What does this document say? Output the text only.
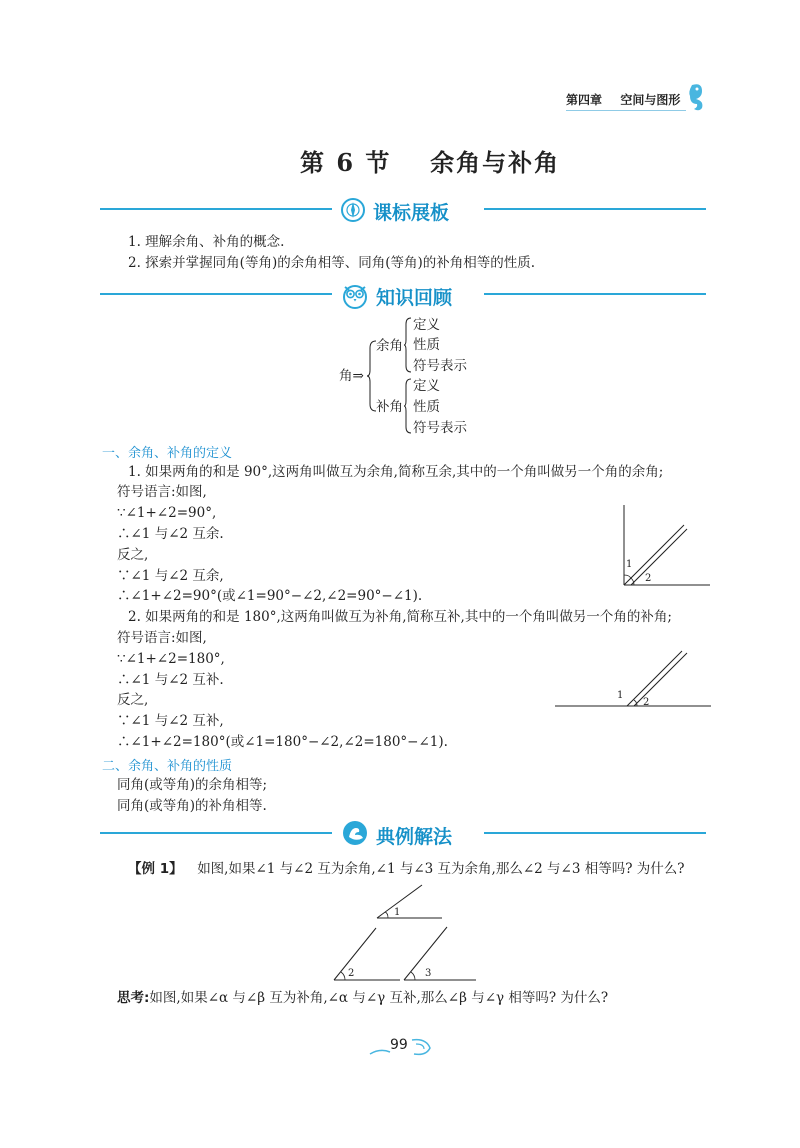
第四章 空间与图形
第 6 节 余角与补角
课标展板
1. 理解余角、补角的概念.
2. 探索并掌握同角(等角)的余角相等、同角(等角)的补角相等的性质.
知识回顾
角⇒
余角
补角
定义
性质
符号表示
定义
性质
符号表示
一、余角、补角的定义
1. 如果两角的和是 90°,这两角叫做互为余角,简称互余,其中的一个角叫做另一个角的余角;
符号语言:如图,
∵∠1+∠2=90°,
∴∠1 与∠2 互余.
反之,
∵∠1 与∠2 互余,
∴∠1+∠2=90°(或∠1=90°−∠2,∠2=90°−∠1).
1
2
2. 如果两角的和是 180°,这两角叫做互为补角,简称互补,其中的一个角叫做另一个角的补角;
符号语言:如图,
∵∠1+∠2=180°,
∴∠1 与∠2 互补.
反之,
∵∠1 与∠2 互补,
∴∠1+∠2=180°(或∠1=180°−∠2,∠2=180°−∠1).
1
2
二、余角、补角的性质
同角(或等角)的余角相等;
同角(或等角)的补角相等.
典例解法
【例 1】 如图,如果∠1 与∠2 互为余角,∠1 与∠3 互为余角,那么∠2 与∠3 相等吗? 为什么?
1
2	3
思考:如图,如果∠α 与∠β 互为补角,∠α 与∠γ 互补,那么∠β 与∠γ 相等吗? 为什么?
99
